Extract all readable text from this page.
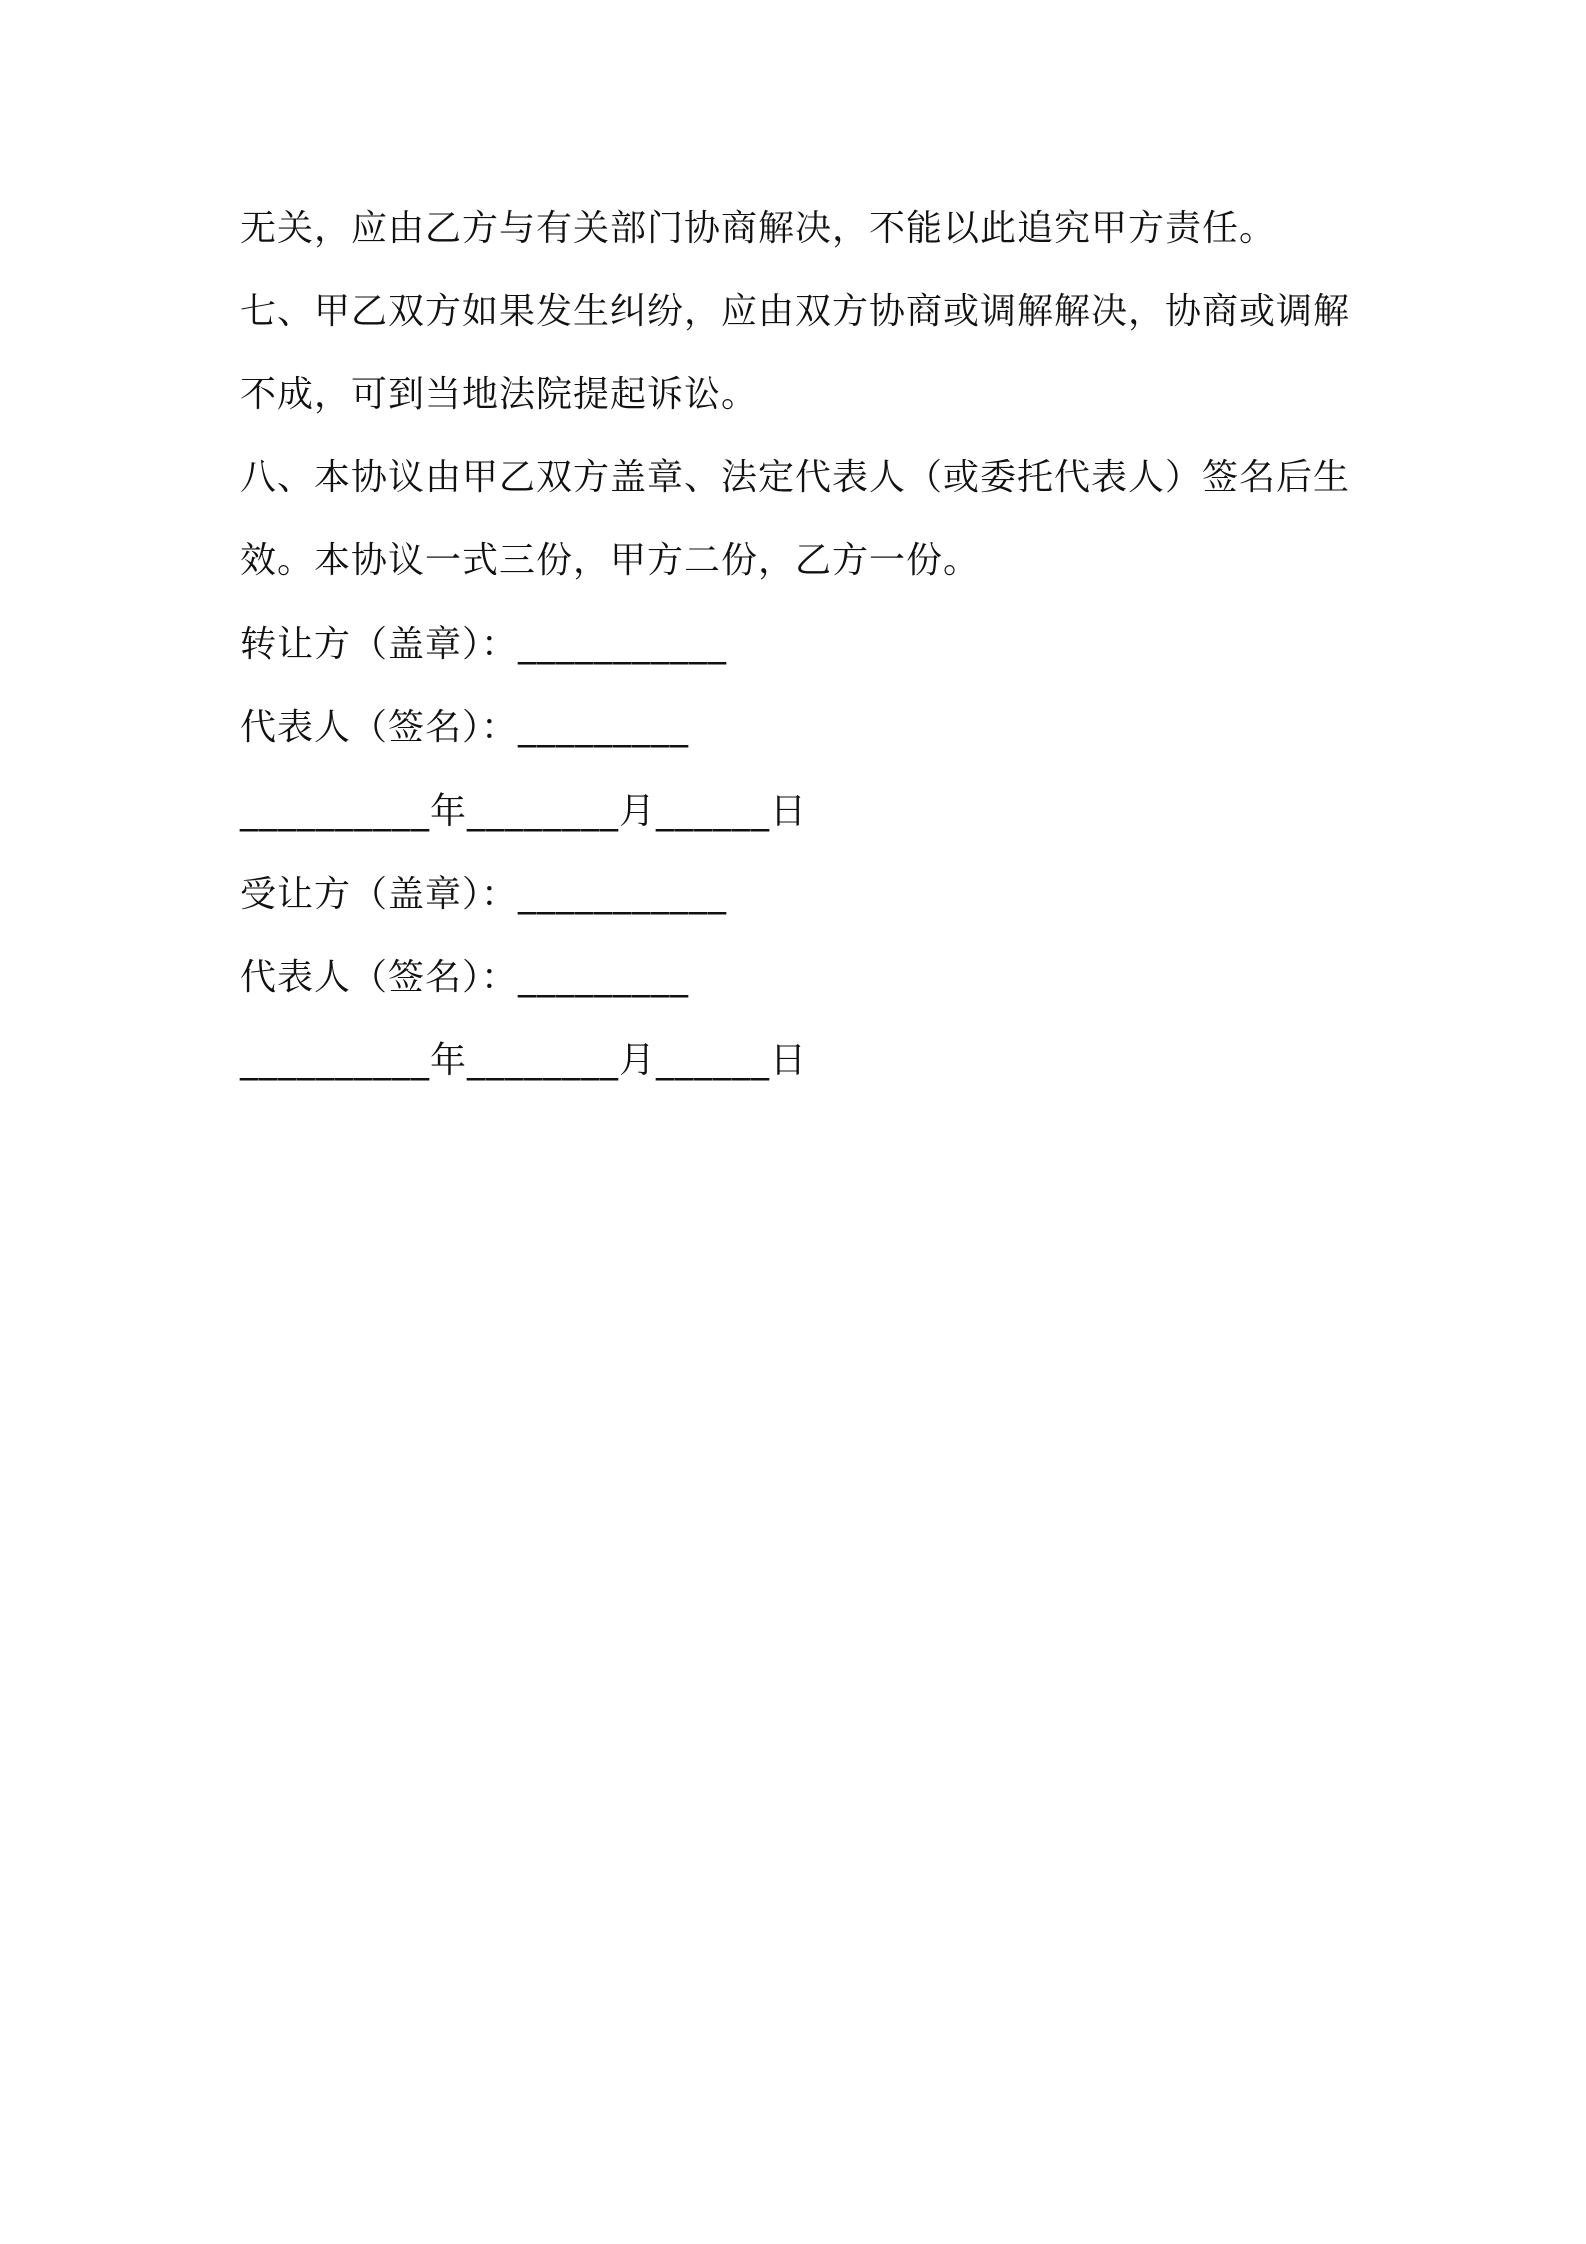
无关，应由乙方与有关部门协商解决，不能以此追究甲方责任。
七、甲乙双方如果发生纠纷，应由双方协商或调解解决，协商或调解
不成，可到当地法院提起诉讼。
八、本协议由甲乙双方盖章、法定代表人（或委托代表人）签名后生
效。本协议一式三份，甲方二份，乙方一份。
转让方（盖章）：___________
代表人（签名）：_________
__________年________月______日
受让方（盖章）：___________
代表人（签名）：_________
__________年________月______日
